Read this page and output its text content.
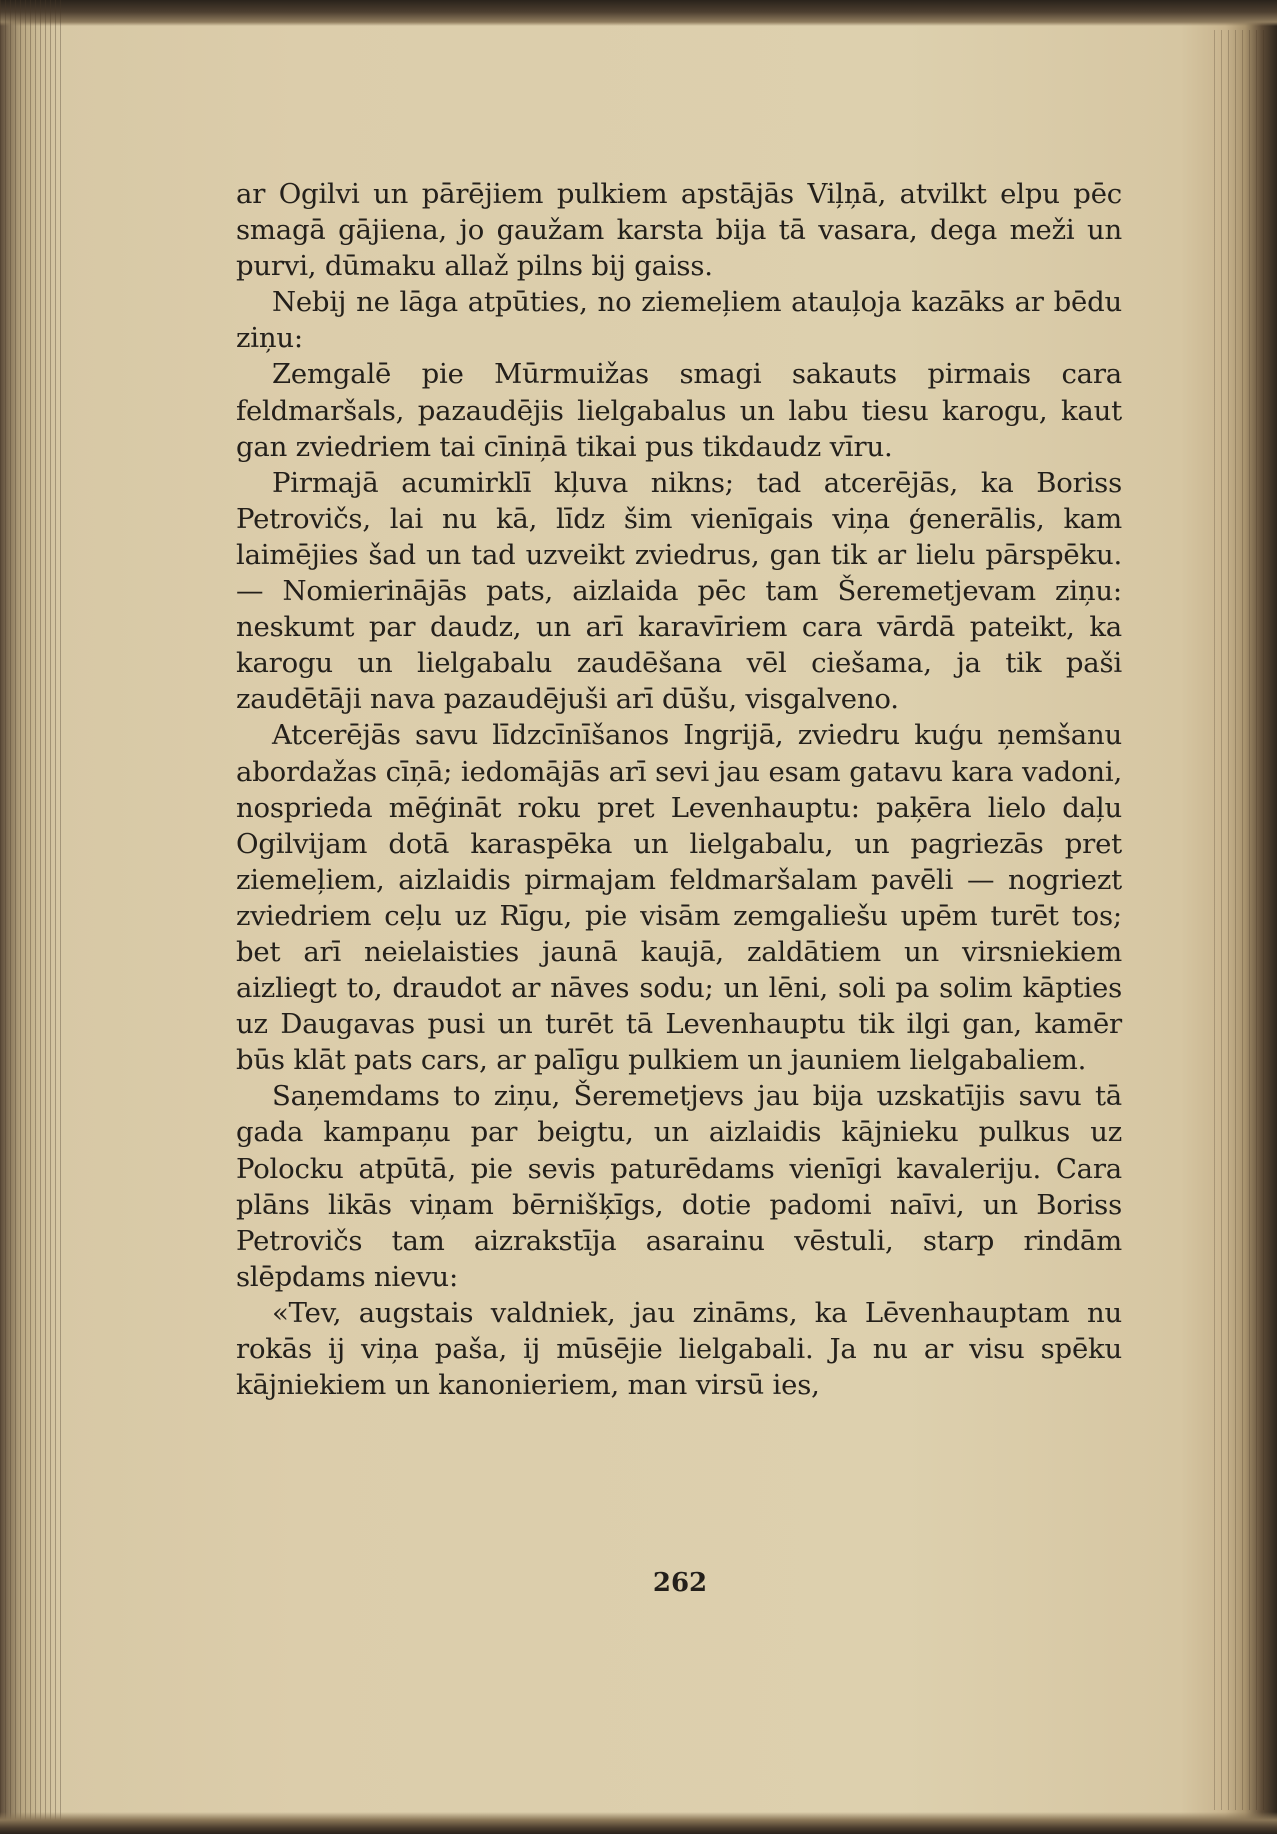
ar Ogilvi un pārējiem pulkiem apstājās Viļņā, atvilkt elpu pēc smagā gājiena, jo gaužam karsta bija tā vasara, dega meži un purvi, dūmaku allaž pilns bij gaiss.

Nebij ne lāga atpūties, no ziemeļiem atauļoja kazāks ar bēdu ziņu:

Zemgalē pie Mūrmuižas smagi sakauts pirmais cara feldmaršals, pazaudējis lielgabalus un labu tiesu karogu, kaut gan zviedriem tai cīniņā tikai pus tikdaudz vīru.

Pirmajā acumirklī kļuva nikns; tad atcerējās, ka Boriss Petrovičs, lai nu kā, līdz šim vienīgais viņa ģenerālis, kam laimējies šad un tad uzveikt zviedrus, gan tik ar lielu pārspēku. — Nomierinājās pats, aizlaida pēc tam Šeremetjevam ziņu: neskumt par daudz, un arī karavīriem cara vārdā pateikt, ka karogu un lielgabalu zaudēšana vēl ciešama, ja tik paši zaudētāji nava pazaudējuši arī dūšu, visgalveno.

Atcerējās savu līdzcīnīšanos Ingrijā, zviedru kuģu ņemšanu abordažas cīņā; iedomājās arī sevi jau esam gatavu kara vadoni, nosprieda mēģināt roku pret Levenhauptu: paķēra lielo daļu Ogilvijam dotā karaspēka un lielgabalu, un pagriezās pret ziemeļiem, aizlaidis pirmajam feldmaršalam pavēli — nogriezt zviedriem ceļu uz Rīgu, pie visām zemgaliešu upēm turēt tos; bet arī neielaisties jaunā kaujā, zaldātiem un virsniekiem aizliegt to, draudot ar nāves sodu; un lēni, soli pa solim kāpties uz Daugavas pusi un turēt tā Levenhauptu tik ilgi gan, kamēr būs klāt pats cars, ar palīgu pulkiem un jauniem lielgabaliem.

Saņemdams to ziņu, Šeremetjevs jau bija uzskatījis savu tā gada kampaņu par beigtu, un aizlaidis kājnieku pulkus uz Polocku atpūtā, pie sevis paturēdams vienīgi kavaleriju. Cara plāns likās viņam bērnišķīgs, dotie padomi naīvi, un Boriss Petrovičs tam aizrakstīja asarainu vēstuli, starp rindām slēpdams nievu:

«Tev, augstais valdniek, jau zināms, ka Lēvenhauptam nu rokās ij viņa paša, ij mūsējie lielgabali. Ja nu ar visu spēku kājniekiem un kanonieriem, man virsū ies,

262
